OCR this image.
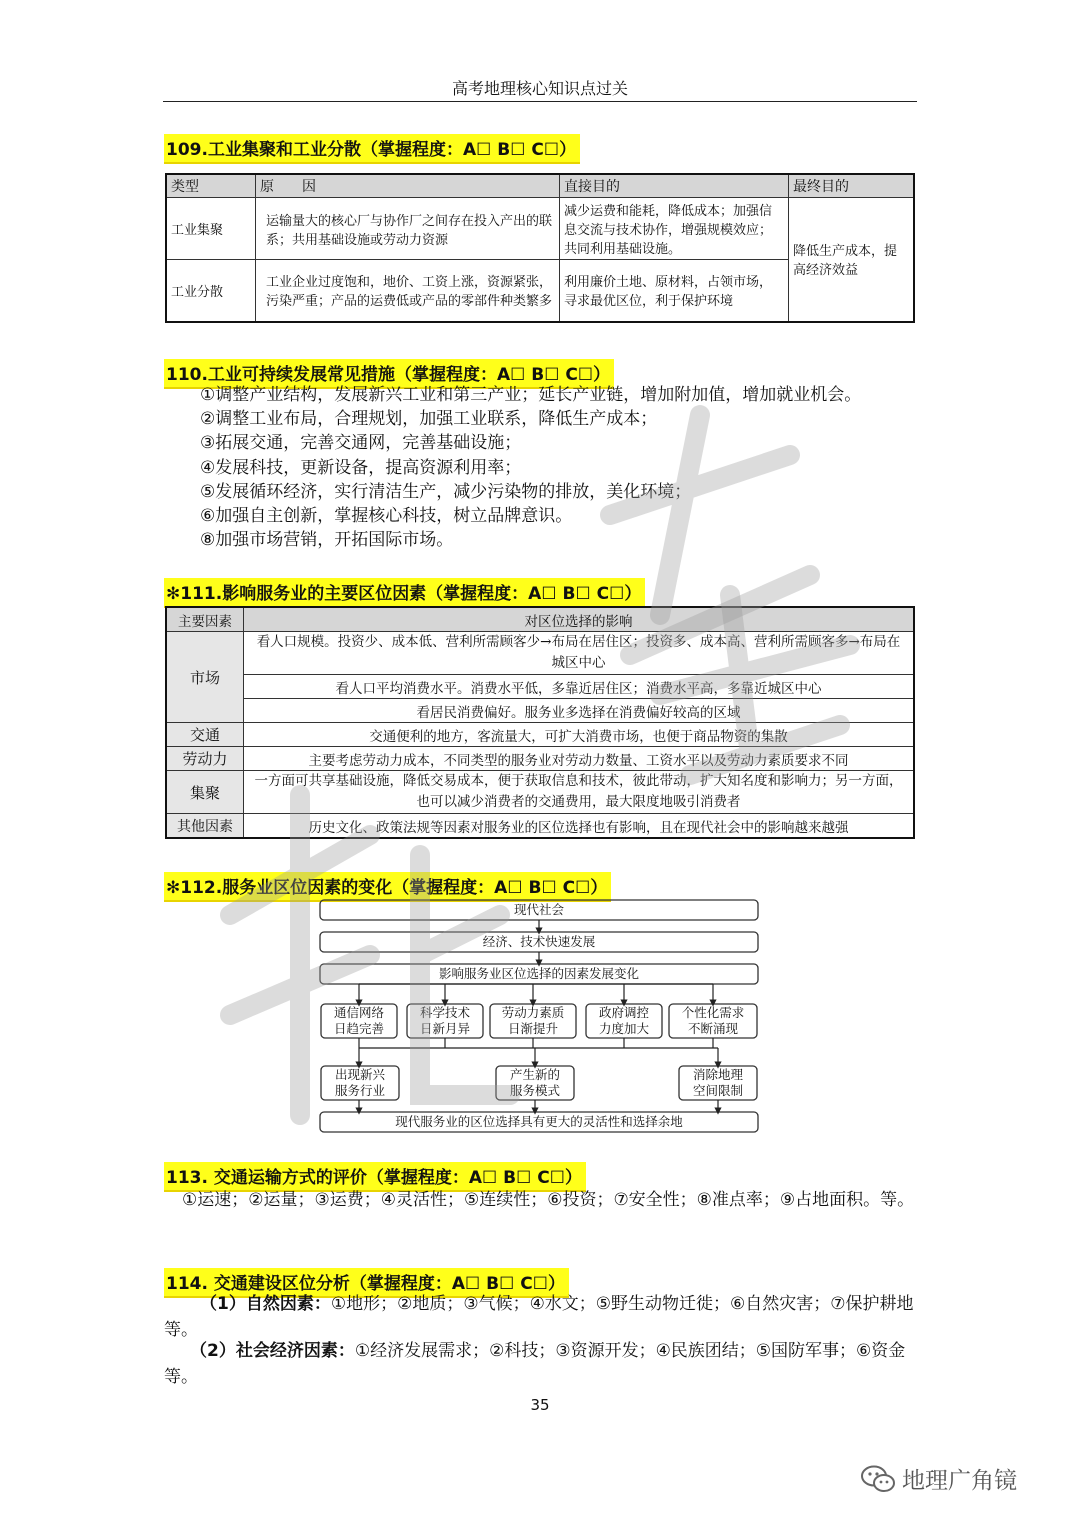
高考地理核心知识点过关
109.工业集聚和工业分散（掌握程度：A☐ B☐ C☐）
类型	原　　因	直接目的	最终目的
工业集聚	运输量大的核心厂与协作厂之间存在投入产出的联系；共用基础设施或劳动力资源	减少运费和能耗，降低成本；加强信息交流与技术协作，增强规模效应；共同利用基础设施。	降低生产成本，提高经济效益
工业分散	工业企业过度饱和，地价、工资上涨，资源紧张，污染严重；产品的运费低或产品的零部件种类繁多	利用廉价土地、原材料，占领市场，寻求最优区位，利于保护环境	
110.工业可持续发展常见措施（掌握程度：A☐ B☐ C☐）
①调整产业结构，发展新兴工业和第三产业；延长产业链，增加附加值，增加就业机会。
②调整工业布局，合理规划，加强工业联系，降低生产成本；
③拓展交通，完善交通网，完善基础设施；
④发展科技，更新设备，提高资源利用率；
⑤发展循环经济，实行清洁生产，减少污染物的排放，美化环境；
⑥加强自主创新，掌握核心科技，树立品牌意识。
⑧加强市场营销，开拓国际市场。
✻111.影响服务业的主要区位因素（掌握程度：A☐ B☐ C☐）
主要因素	对区位选择的影响
市场	看人口规模。投资少、成本低、营利所需顾客少→布局在居住区；投资多、成本高、营利所需顾客多→布局在城区中心
	看人口平均消费水平。消费水平低，多靠近居住区；消费水平高，多靠近城区中心
	看居民消费偏好。服务业多选择在消费偏好较高的区域
交通	交通便利的地方，客流量大，可扩大消费市场，也便于商品物资的集散
劳动力	主要考虑劳动力成本，不同类型的服务业对劳动力数量、工资水平以及劳动力素质要求不同
集聚	一方面可共享基础设施，降低交易成本，便于获取信息和技术，彼此带动，扩大知名度和影响力；另一方面，也可以减少消费者的交通费用，最大限度地吸引消费者
其他因素	历史文化、政策法规等因素对服务业的区位选择也有影响，且在现代社会中的影响越来越强
✻112.服务业区位因素的变化（掌握程度：A☐ B☐ C☐）
现代社会
经济、技术快速发展
影响服务业区位选择的因素发展变化
通信网络
日趋完善
科学技术
日新月异
劳动力素质
日渐提升
政府调控
力度加大
个性化需求
不断涌现
出现新兴
服务行业
产生新的
服务模式
消除地理
空间限制
现代服务业的区位选择具有更大的灵活性和选择余地
113. 交通运输方式的评价（掌握程度：A☐ B☐ C☐）
①运速；②运量；③运费；④灵活性；⑤连续性；⑥投资；⑦安全性；⑧准点率；⑨占地面积。等。
114. 交通建设区位分析（掌握程度：A☐ B☐ C☐）
（1）自然因素：①地形；②地质；③气候；④水文；⑤野生动物迁徙；⑥自然灾害；⑦保护耕地等。
（2）社会经济因素：①经济发展需求；②科技；③资源开发；④民族团结；⑤国防军事；⑥资金等。
35
地理广角镜
